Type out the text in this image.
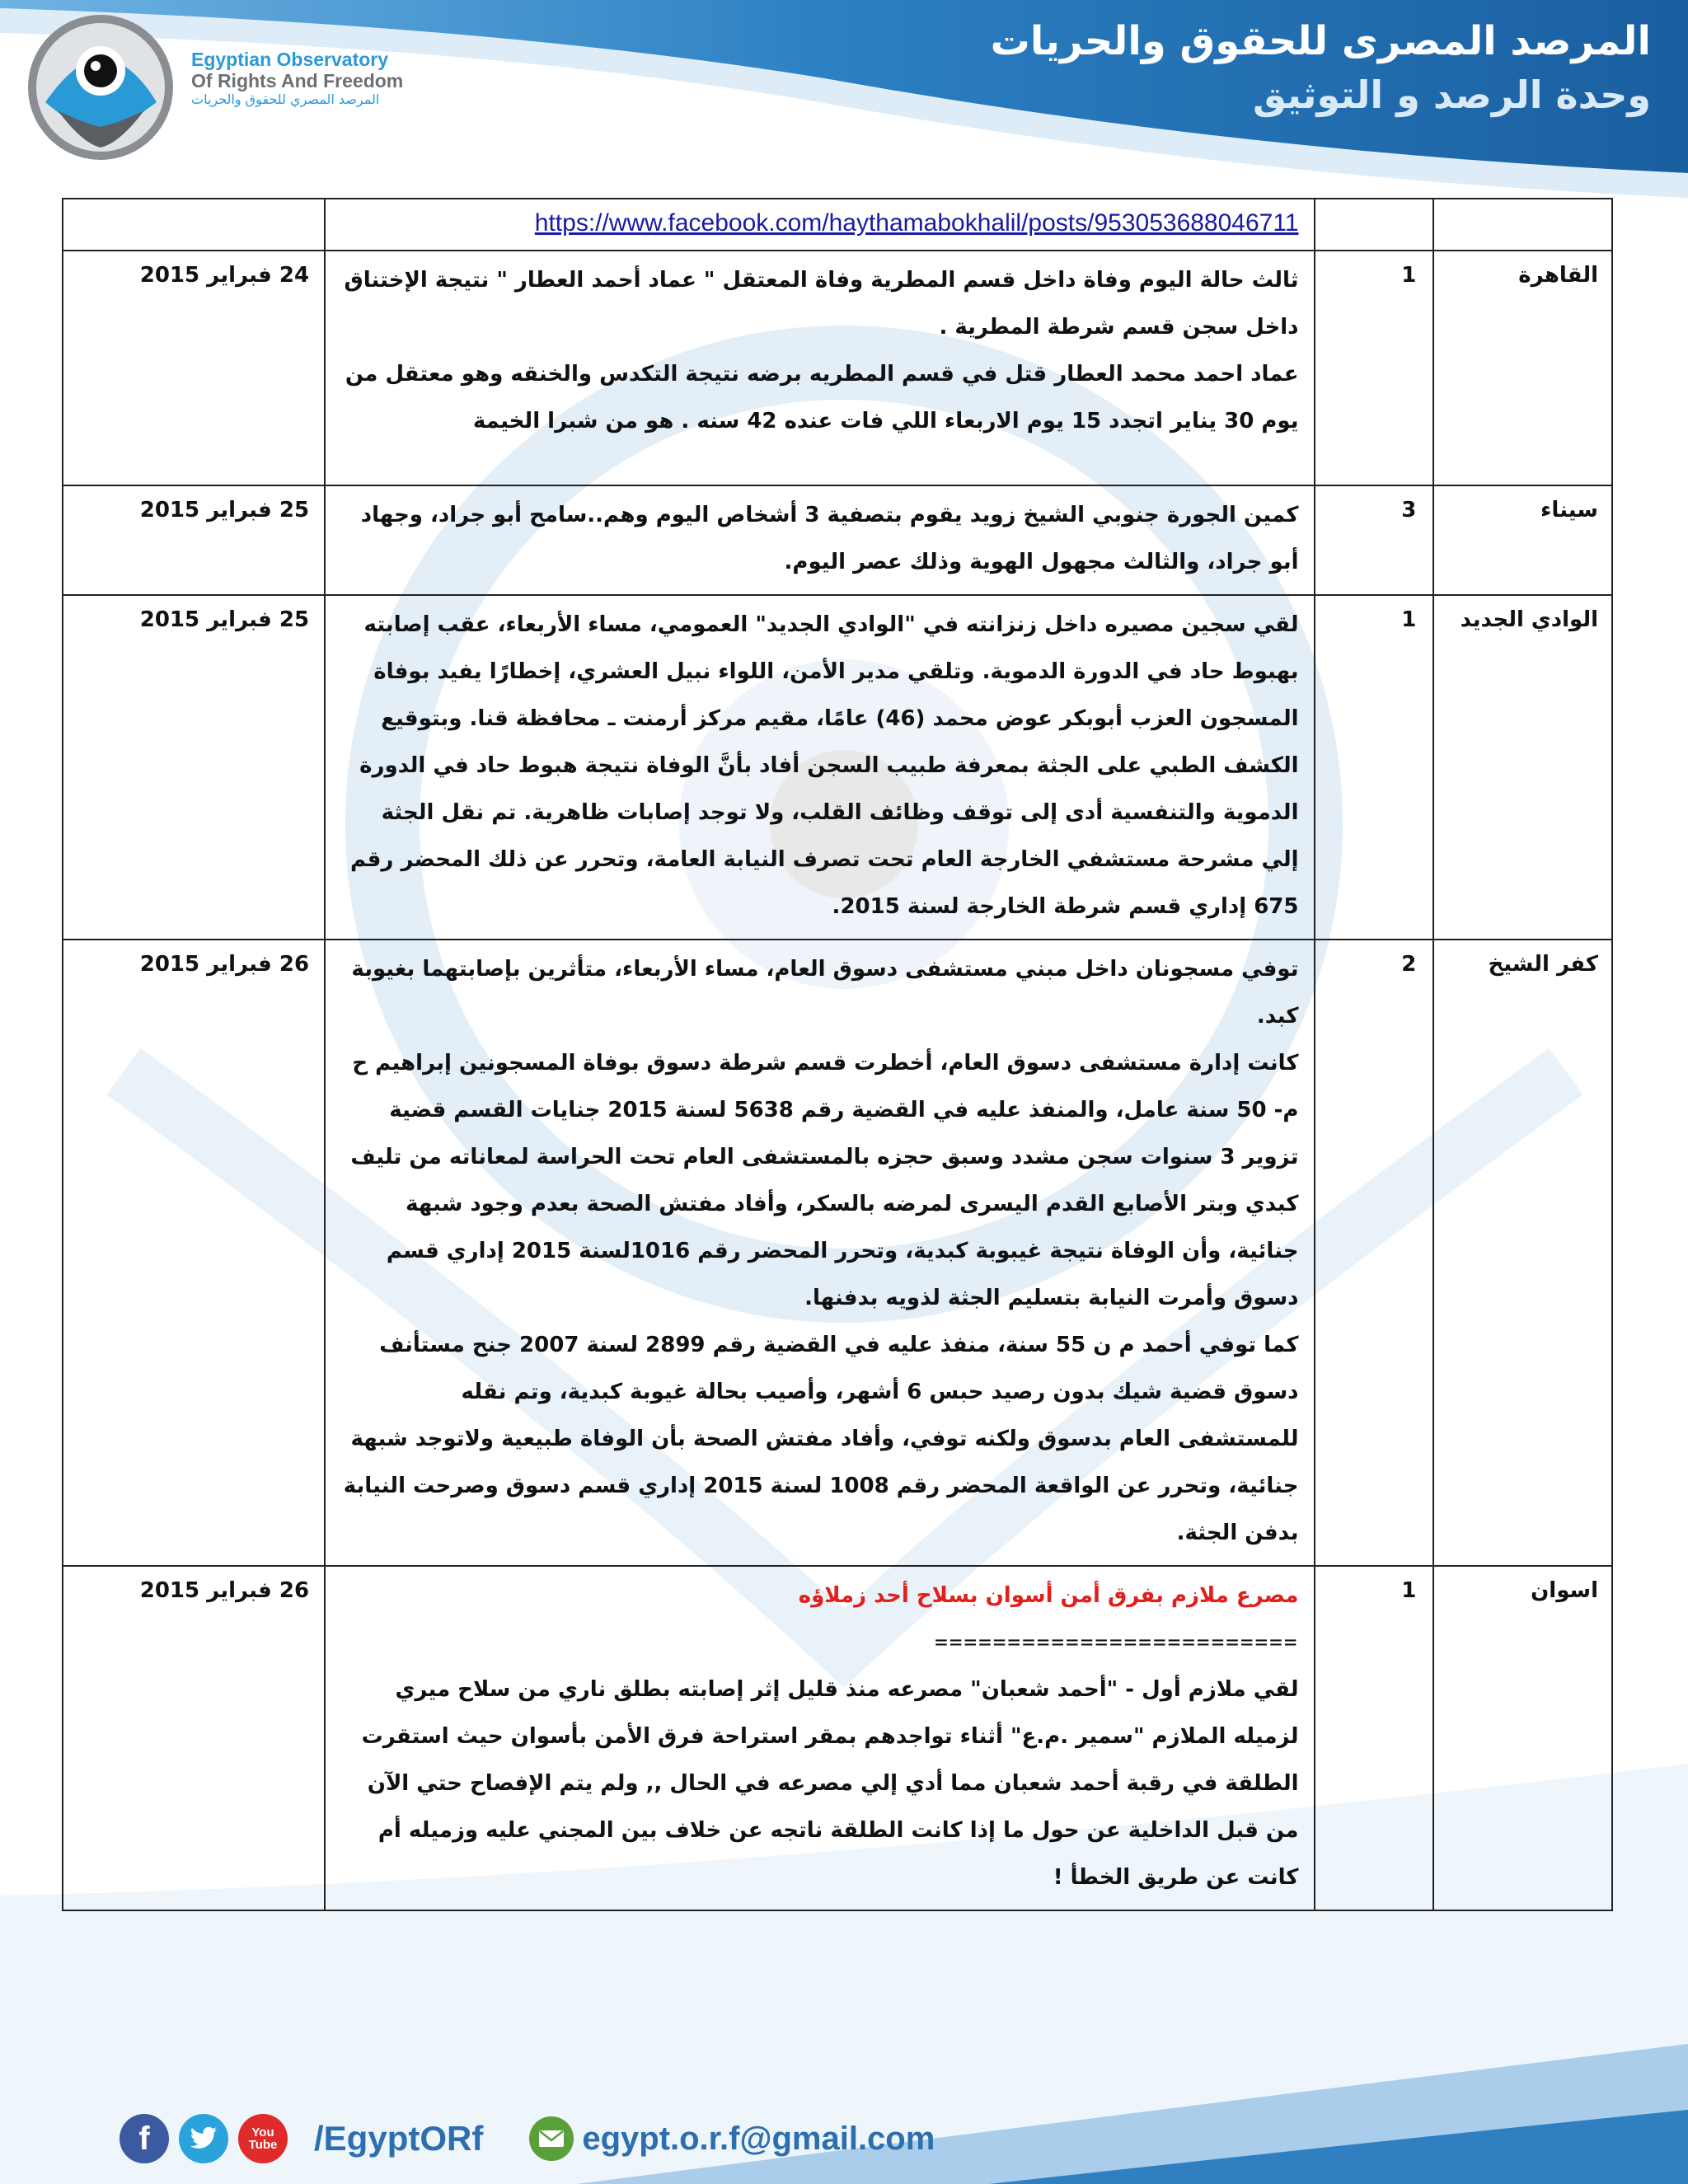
Egyptian Observatory
Of Rights And Freedom
المرصد المصري للحقوق والحريات
المرصد المصرى للحقوق والحريات
وحدة الرصد و التوثيق

		https://www.facebook.com/haythamabokhalil/posts/953053688046711	

القاهرة	1	ثالث حالة اليوم وفاة داخل قسم المطرية وفاة المعتقل " عماد أحمد العطار " نتيجة الإختناق داخل سجن قسم شرطة المطرية .

عماد احمد محمد العطار قتل في قسم المطريه برضه نتيجة التكدس والخنقه وهو معتقل من يوم 30 يناير اتجدد 15 يوم الاربعاء اللي فات عنده 42 سنه . هو من شبرا الخيمة	24 فبراير 2015
سيناء	3	كمين الجورة جنوبي الشيخ زويد يقوم بتصفية 3 أشخاص اليوم وهم..سامح أبو جراد، وجهاد أبو جراد، والثالث مجهول الهوية وذلك عصر اليوم.	25 فبراير 2015
الوادي الجديد	1	لقي سجين مصيره داخل زنزانته في "الوادي الجديد" العمومي، مساء الأربعاء، عقب إصابته بهبوط حاد في الدورة الدموية. وتلقي مدير الأمن، اللواء نبيل العشري، إخطارًا يفيد بوفاة المسجون العزب أبوبكر عوض محمد (46) عامًا، مقيم مركز أرمنت ـ محافظة قنا. وبتوقيع الكشف الطبي على الجثة بمعرفة طبيب السجن أفاد بأنَّ الوفاة نتيجة هبوط حاد في الدورة الدموية والتنفسية أدى إلى توقف وظائف القلب، ولا توجد إصابات ظاهرية. تم نقل الجثة إلي مشرحة مستشفي الخارجة العام تحت تصرف النيابة العامة، وتحرر عن ذلك المحضر رقم 675 إداري قسم شرطة الخارجة لسنة 2015.	25 فبراير 2015
كفر الشيخ	2	توفي مسجونان داخل مبني مستشفى دسوق العام، مساء الأربعاء، متأثرين بإصابتهما بغيوبة كبد.

كانت إدارة مستشفى دسوق العام، أخطرت قسم شرطة دسوق بوفاة المسجونين إبراهيم ح م- 50 سنة عامل، والمنفذ عليه في القضية رقم 5638 لسنة 2015 جنايات القسم قضية تزوير 3 سنوات سجن مشدد وسبق حجزه بالمستشفى العام تحت الحراسة لمعاناته من تليف كبدي وبتر الأصابع القدم اليسرى لمرضه بالسكر، وأفاد مفتش الصحة بعدم وجود شبهة جنائية، وأن الوفاة نتيجة غيبوبة كبدية، وتحرر المحضر رقم 1016لسنة 2015 إداري قسم دسوق وأمرت النيابة بتسليم الجثة لذويه بدفنها.

كما توفي أحمد م ن 55 سنة، منفذ عليه في القضية رقم 2899 لسنة 2007 جنح مستأنف دسوق قضية شيك بدون رصيد حبس 6 أشهر، وأصيب بحالة غيوبة كبدية، وتم نقله للمستشفى العام بدسوق ولكنه توفي، وأفاد مفتش الصحة بأن الوفاة طبيعية ولاتوجد شبهة جنائية، وتحرر عن الواقعة المحضر رقم 1008 لسنة 2015 إداري قسم دسوق وصرحت النيابة بدفن الجثة.	26 فبراير 2015
اسوان	1	مصرع ملازم بفرق أمن أسوان بسلاح أحد زملاؤه

=========================

لقي ملازم أول - "أحمد شعبان" مصرعه منذ قليل إثر إصابته بطلق ناري من سلاح ميري لزميله الملازم "سمير .م.ع" أثناء تواجدهم بمقر استراحة فرق الأمن بأسوان حيث استقرت الطلقة في رقبة أحمد شعبان مما أدي إلي مصرعه في الحال ,, ولم يتم الإفصاح حتي الآن من قبل الداخلية عن حول ما إذا كانت الطلقة ناتجه عن خلاف بين المجني عليه وزميله أم كانت عن طريق الخطأ !	26 فبراير 2015
f	You
Tube /EgyptORf	egypt.o.r.f@gmail.com
